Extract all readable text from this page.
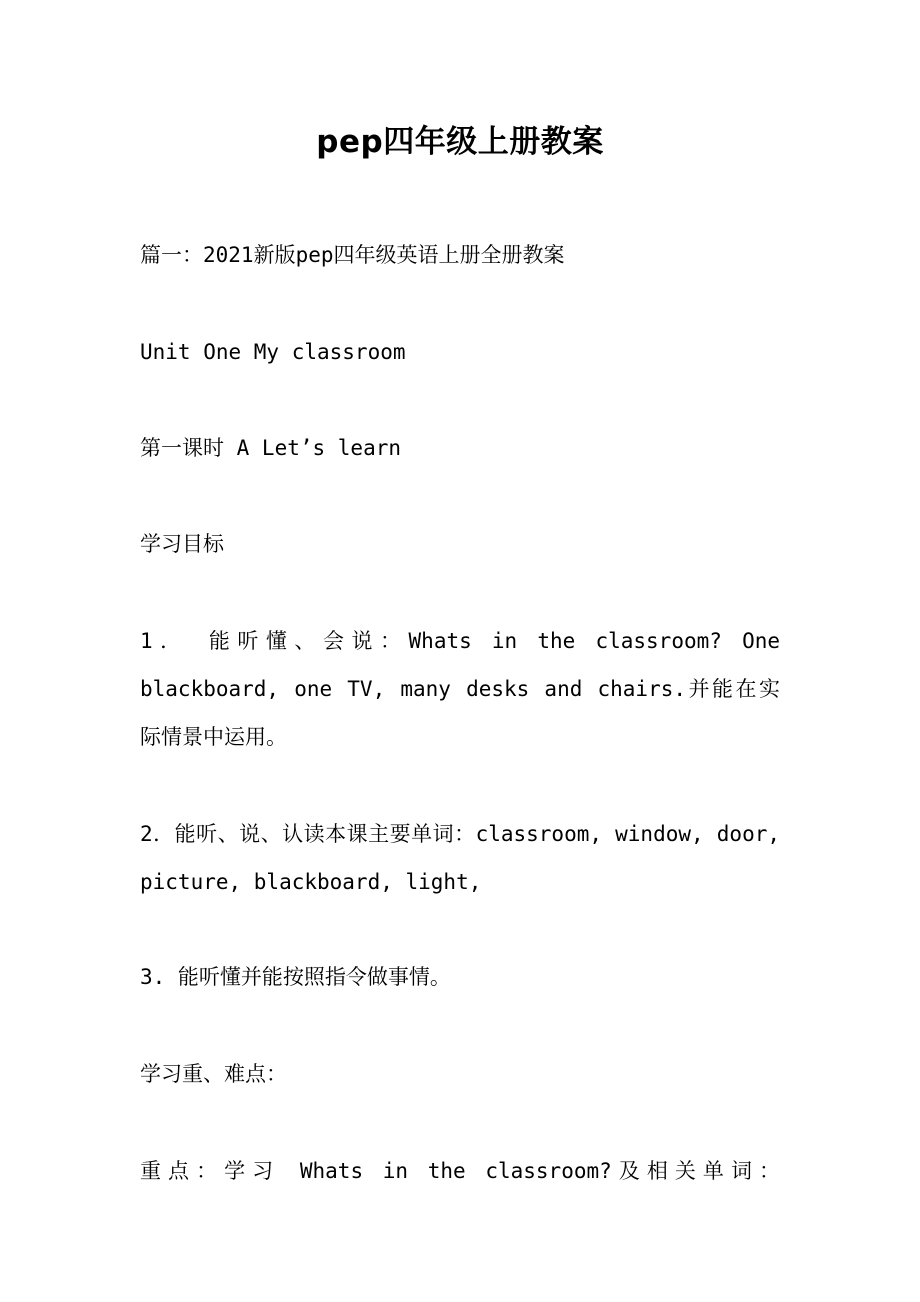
pep四年级上册教案

篇一：2021新版pep四年级英语上册全册教案

Unit One My classroom

第一课时 A Let’s learn

学习目标

1． 能听懂、会说：Whats in the classroom? One
blackboard, one TV, many desks and chairs.并能在实
际情景中运用。
2．能听、说、认读本课主要单词：classroom, window, door,
picture, blackboard, light,

3. 能听懂并能按照指令做事情。

学习重、难点：

重点：学习 Whats in the classroom?及相关单词：
